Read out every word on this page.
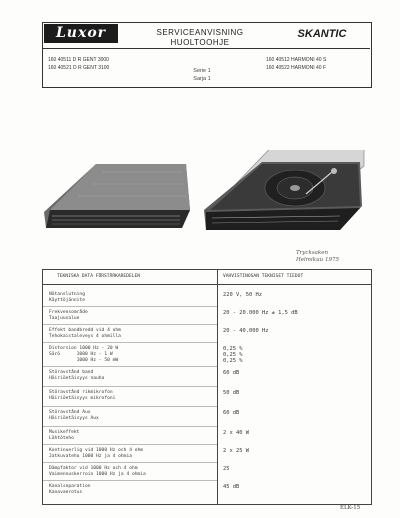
Luxor	SKANTIC
SERVICEANVISNING
HUOLTOOHJE
160 40511 D R GENT 3000
160 40521 D R GENT 3100
160 40512 HARMONI 40 S
160 40522 HARMONI 40 F
Serie 1
Sarja 1
Trycksaken
Helmikuu 1975
TEKNISKA DATA FÖRSTÄRKAREDELEN	VAHVISTINOSAN TEKNISET TIEDOT
Nätanslutning
Käyttöjännite
220 V, 50 Hz
Frekvensområde
Taajuusalue
20 - 20.000 Hz ± 1,5 dB
Effekt bandbredd vid 4 ohm
Tehokaistaleveys 4 ohmilla
20 - 40.000 Hz
Distorsion 1000 Hz - 20 W
Särö      1000 Hz - 1 W
1000 Hz - 50 mW
0,25 %
0,25 %
0,25 %
Störavstånd band
Häiriöetäisyys nauha
60 dB
Störavstånd rikmikrofon
Häiriöetäisyys mikrofoni
50 dB
Störavstånd Aux
Häiriöetäisyys Aux
60 dB
Musikeffekt
Lähtöteho
2 x 40 W
Kontinuerlig vid 1000 Hz och 4 ohm
Jatkuvateho 1000 Hz ja 4 ohmia
2 x 25 W
Dämpfaktor vid 1000 Hz och 4 ohm
Vaimennuskerroin 1000 Hz ja 4 ohmia
25
Kanalseparation
Kanavaerotus
45 dB
ELK-15
